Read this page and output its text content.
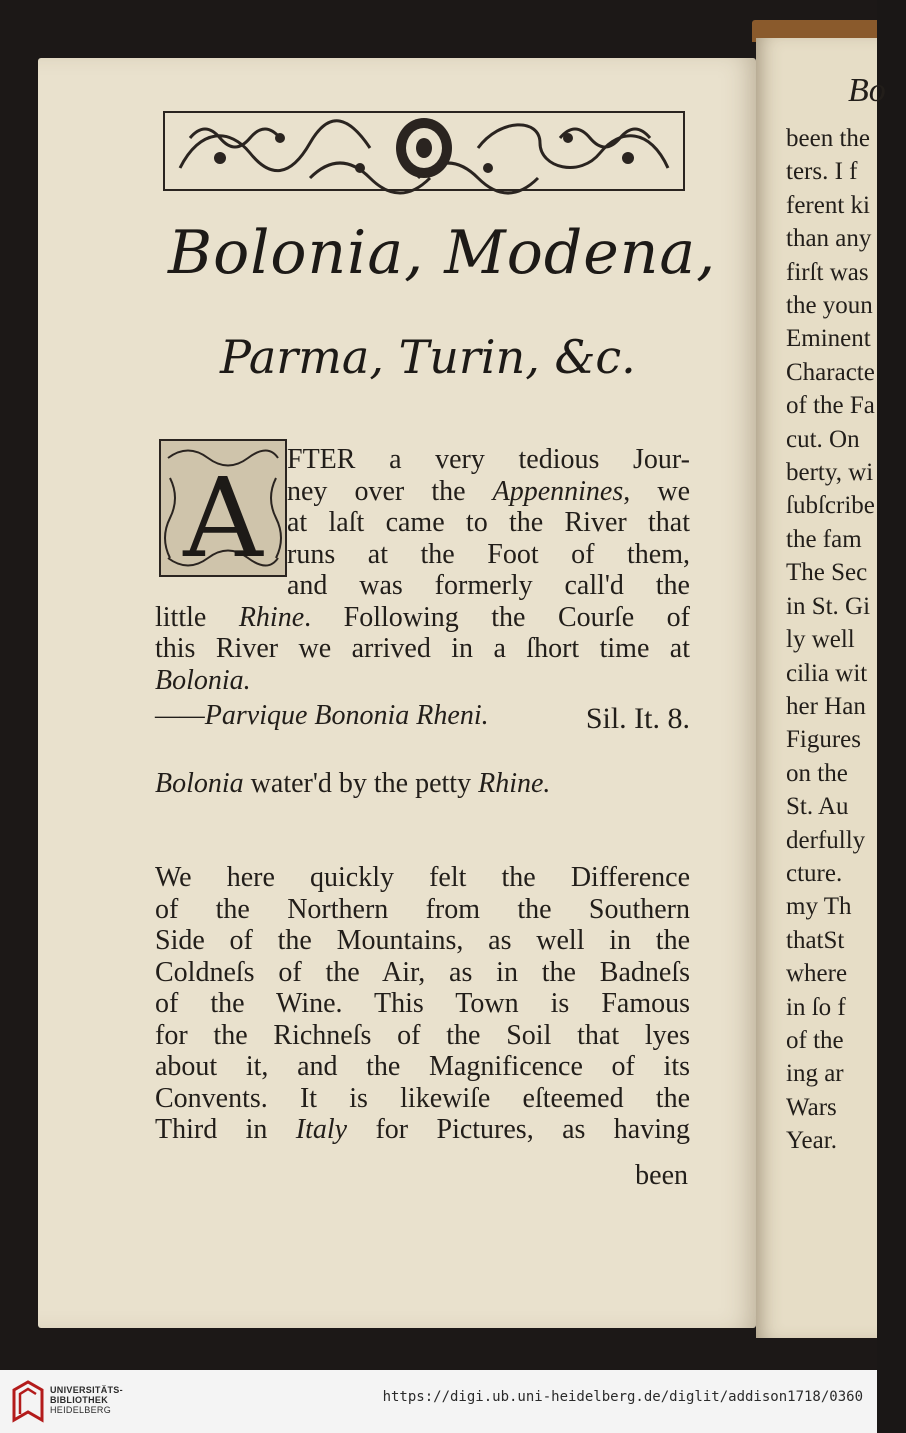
Bolonia, Modena,
Parma, Turin, &c.
A FTER a very tedious Jour-
ney over the Appennines, we
at laſt came to the River that
runs at the Foot of them,
and was formerly call'd the
little Rhine. Following the Courſe of
this River we arrived in a ſhort time at
Bolonia.
——Parvique Bononia Rheni.	Sil. It. 8.
Bolonia water'd by the petty Rhine.
We here quickly felt the Difference
of the Northern from the Southern
Side of the Mountains, as well in the
Coldneſs of the Air, as in the Badneſs
of the Wine. This Town is Famous
for the Richneſs of the Soil that lyes
about it, and the Magnificence of its
Convents. It is likewiſe eſteemed the
Third in Italy for Pictures, as having
been
Bo
been the
ters. I f
ferent ki
than any
firſt was
the youn
Eminent
Characte
of the Fa
cut. On
berty, wi
ſubſcribe
the fam
The Sec
in St. Gi
ly well
cilia wit
her Han
Figures
on the
St. Au
derfully
cture.
my Th
thatSt
where
in ſo f
of the
ing ar
Wars
Year.
UNIVERSITÄTS-
BIBLIOTHEK
HEIDELBERG
https://digi.ub.uni-heidelberg.de/diglit/addison1718/0360
